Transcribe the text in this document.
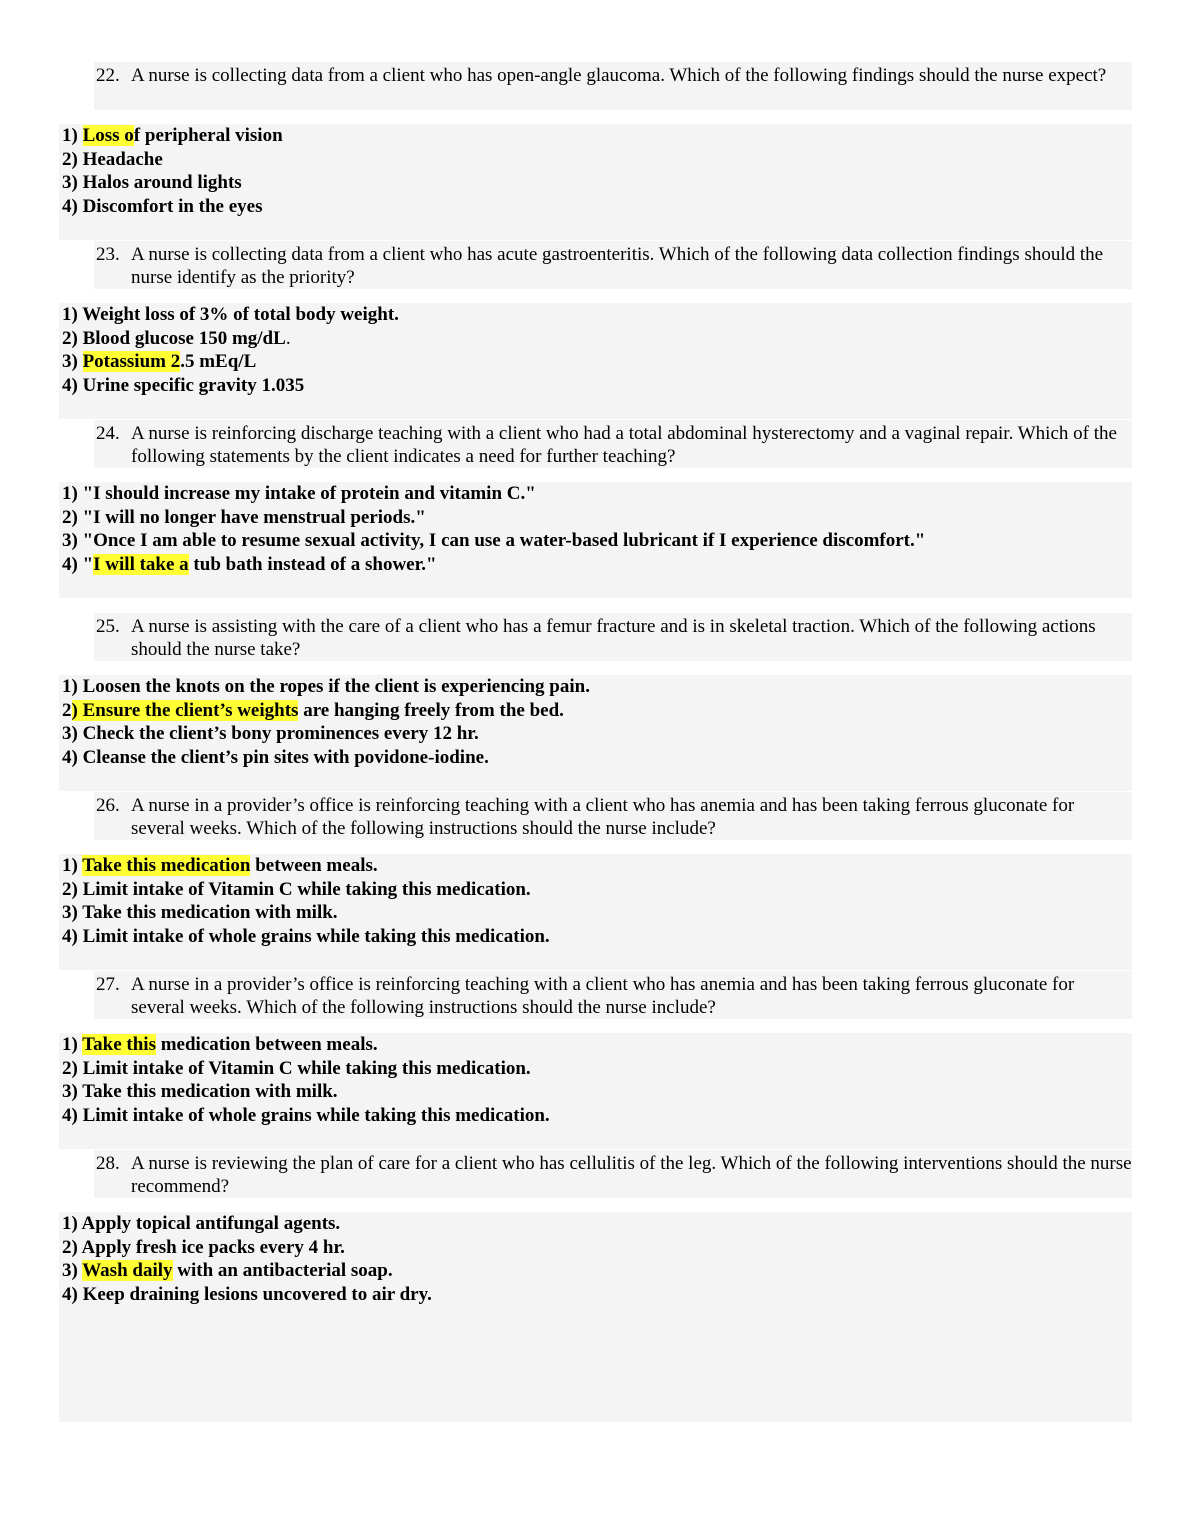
22. A nurse is collecting data from a client who has open-angle glaucoma. Which of the following findings should the nurse expect?
1) Loss of peripheral vision
2) Headache
3) Halos around lights
4) Discomfort in the eyes
23. A nurse is collecting data from a client who has acute gastroenteritis. Which of the following data collection findings should the nurse identify as the priority?
1) Weight loss of 3% of total body weight.
2) Blood glucose 150 mg/dL.
3) Potassium 2.5 mEq/L
4) Urine specific gravity 1.035
24. A nurse is reinforcing discharge teaching with a client who had a total abdominal hysterectomy and a vaginal repair. Which of the following statements by the client indicates a need for further teaching?
1) "I should increase my intake of protein and vitamin C."
2) "I will no longer have menstrual periods."
3) "Once I am able to resume sexual activity, I can use a water-based lubricant if I experience discomfort."
4) "I will take a tub bath instead of a shower."
25. A nurse is assisting with the care of a client who has a femur fracture and is in skeletal traction. Which of the following actions should the nurse take?
1) Loosen the knots on the ropes if the client is experiencing pain.
2) Ensure the client’s weights are hanging freely from the bed.
3) Check the client’s bony prominences every 12 hr.
4) Cleanse the client’s pin sites with povidone-iodine.
26. A nurse in a provider’s office is reinforcing teaching with a client who has anemia and has been taking ferrous gluconate for several weeks. Which of the following instructions should the nurse include?
1) Take this medication between meals.
2) Limit intake of Vitamin C while taking this medication.
3) Take this medication with milk.
4) Limit intake of whole grains while taking this medication.
27. A nurse in a provider’s office is reinforcing teaching with a client who has anemia and has been taking ferrous gluconate for several weeks. Which of the following instructions should the nurse include?
1) Take this medication between meals.
2) Limit intake of Vitamin C while taking this medication.
3) Take this medication with milk.
4) Limit intake of whole grains while taking this medication.
28. A nurse is reviewing the plan of care for a client who has cellulitis of the leg. Which of the following interventions should the nurse recommend?
1) Apply topical antifungal agents.
2) Apply fresh ice packs every 4 hr.
3) Wash daily with an antibacterial soap.
4) Keep draining lesions uncovered to air dry.
